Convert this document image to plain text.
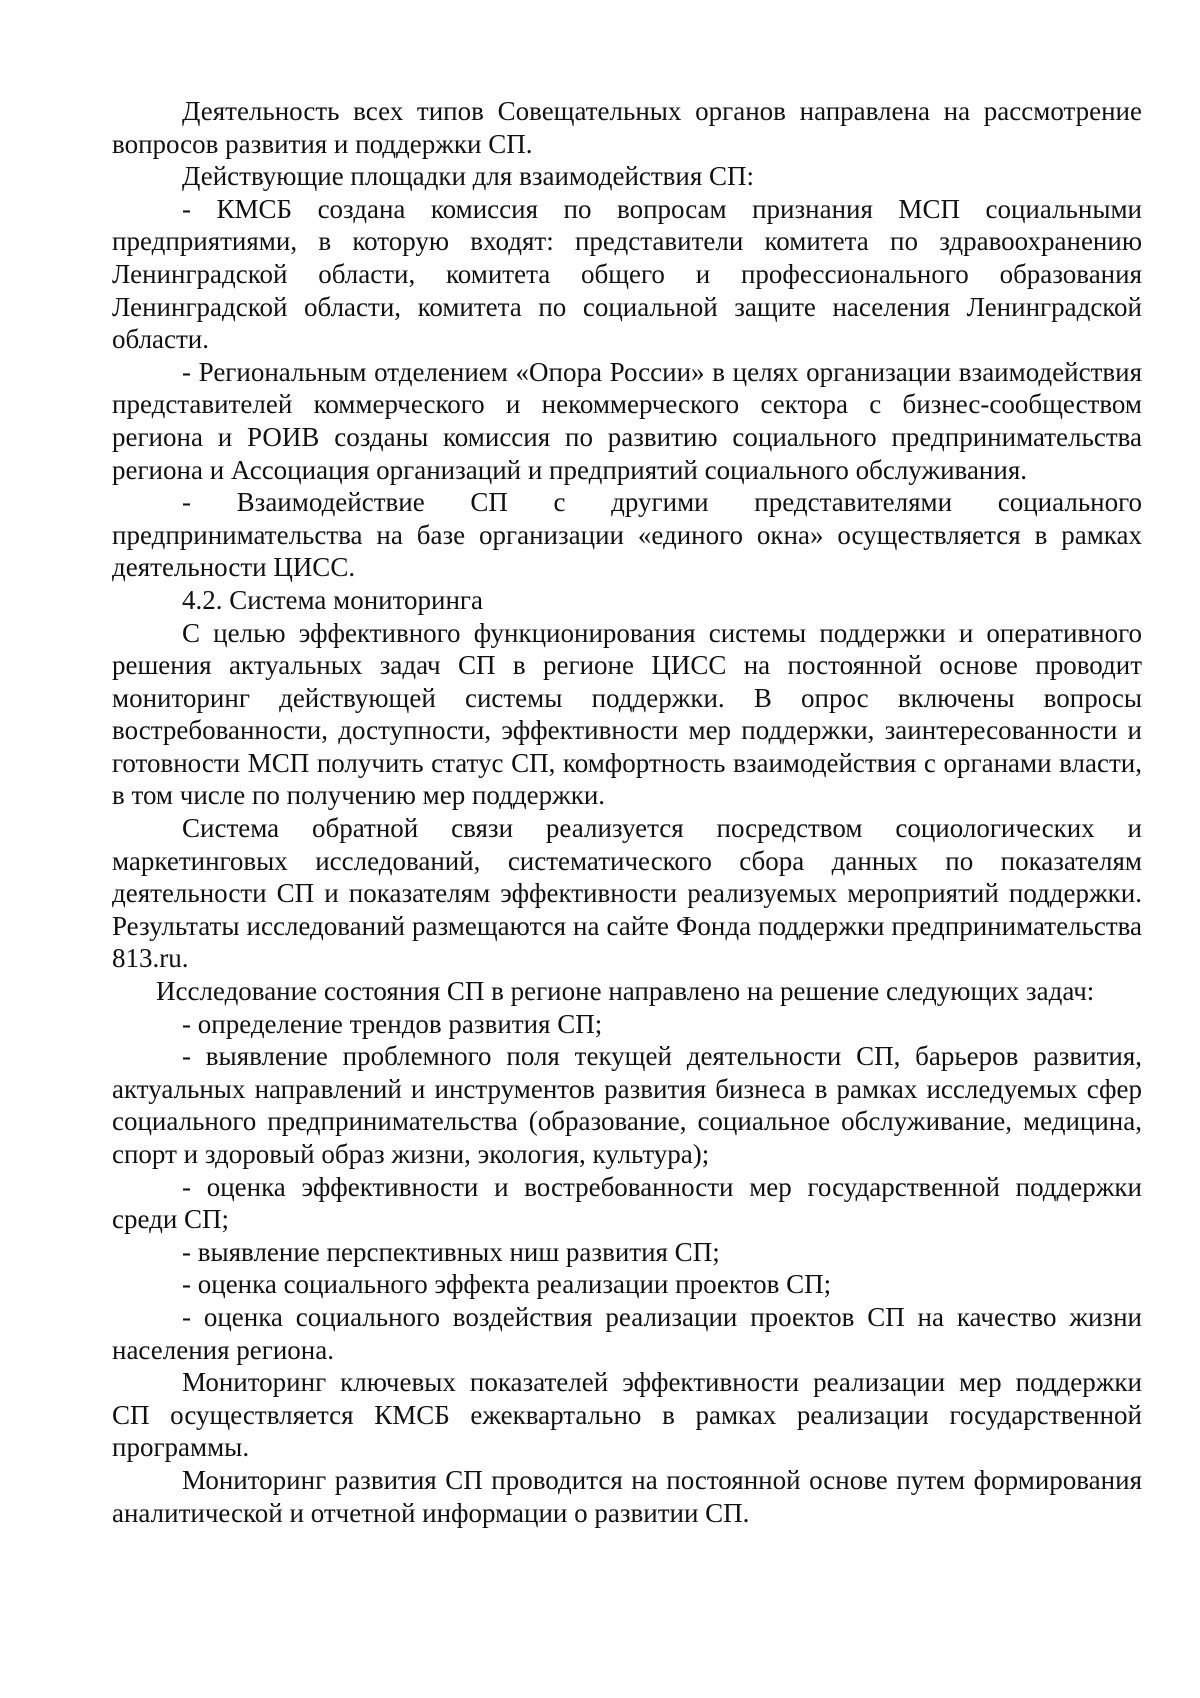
Деятельность всех типов Совещательных органов направлена на рассмотрение вопросов развития и поддержки СП.

Действующие площадки для взаимодействия СП:

- КМСБ создана комиссия по вопросам признания МСП социальными предприятиями, в которую входят: представители комитета по здравоохранению Ленинградской области, комитета общего и профессионального образования Ленинградской области, комитета по социальной защите населения Ленинградской области.

- Региональным отделением «Опора России» в целях организации взаимодействия представителей коммерческого и некоммерческого сектора с бизнес-сообществом региона и РОИВ созданы комиссия по развитию социального предпринимательства региона и Ассоциация организаций и предприятий социального обслуживания.

- Взаимодействие СП с другими представителями социального предпринимательства на базе организации «единого окна» осуществляется в рамках деятельности ЦИСС.

4.2. Система мониторинга

С целью эффективного функционирования системы поддержки и оперативного решения актуальных задач СП в регионе ЦИСС на постоянной основе проводит мониторинг действующей системы поддержки. В опрос включены вопросы востребованности, доступности, эффективности мер поддержки, заинтересованности и готовности МСП получить статус СП, комфортность взаимодействия с органами власти, в том числе по получению мер поддержки.

Система обратной связи реализуется посредством социологических и маркетинговых исследований, систематического сбора данных по показателям деятельности СП и показателям эффективности реализуемых мероприятий поддержки. Результаты исследований размещаются на сайте Фонда поддержки предпринимательства 813.ru.

Исследование состояния СП в регионе направлено на решение следующих задач:

- определение трендов развития СП;

- выявление проблемного поля текущей деятельности СП, барьеров развития, актуальных направлений и инструментов развития бизнеса в рамках исследуемых сфер социального предпринимательства (образование, социальное обслуживание, медицина, спорт и здоровый образ жизни, экология, культура);

- оценка эффективности и востребованности мер государственной поддержки среди СП;

- выявление перспективных ниш развития СП;

- оценка социального эффекта реализации проектов СП;

- оценка социального воздействия реализации проектов СП на качество жизни населения региона.

Мониторинг ключевых показателей эффективности реализации мер поддержки СП осуществляется КМСБ ежеквартально в рамках реализации государственной программы.

Мониторинг развития СП проводится на постоянной основе путем формирования аналитической и отчетной информации о развитии СП.
